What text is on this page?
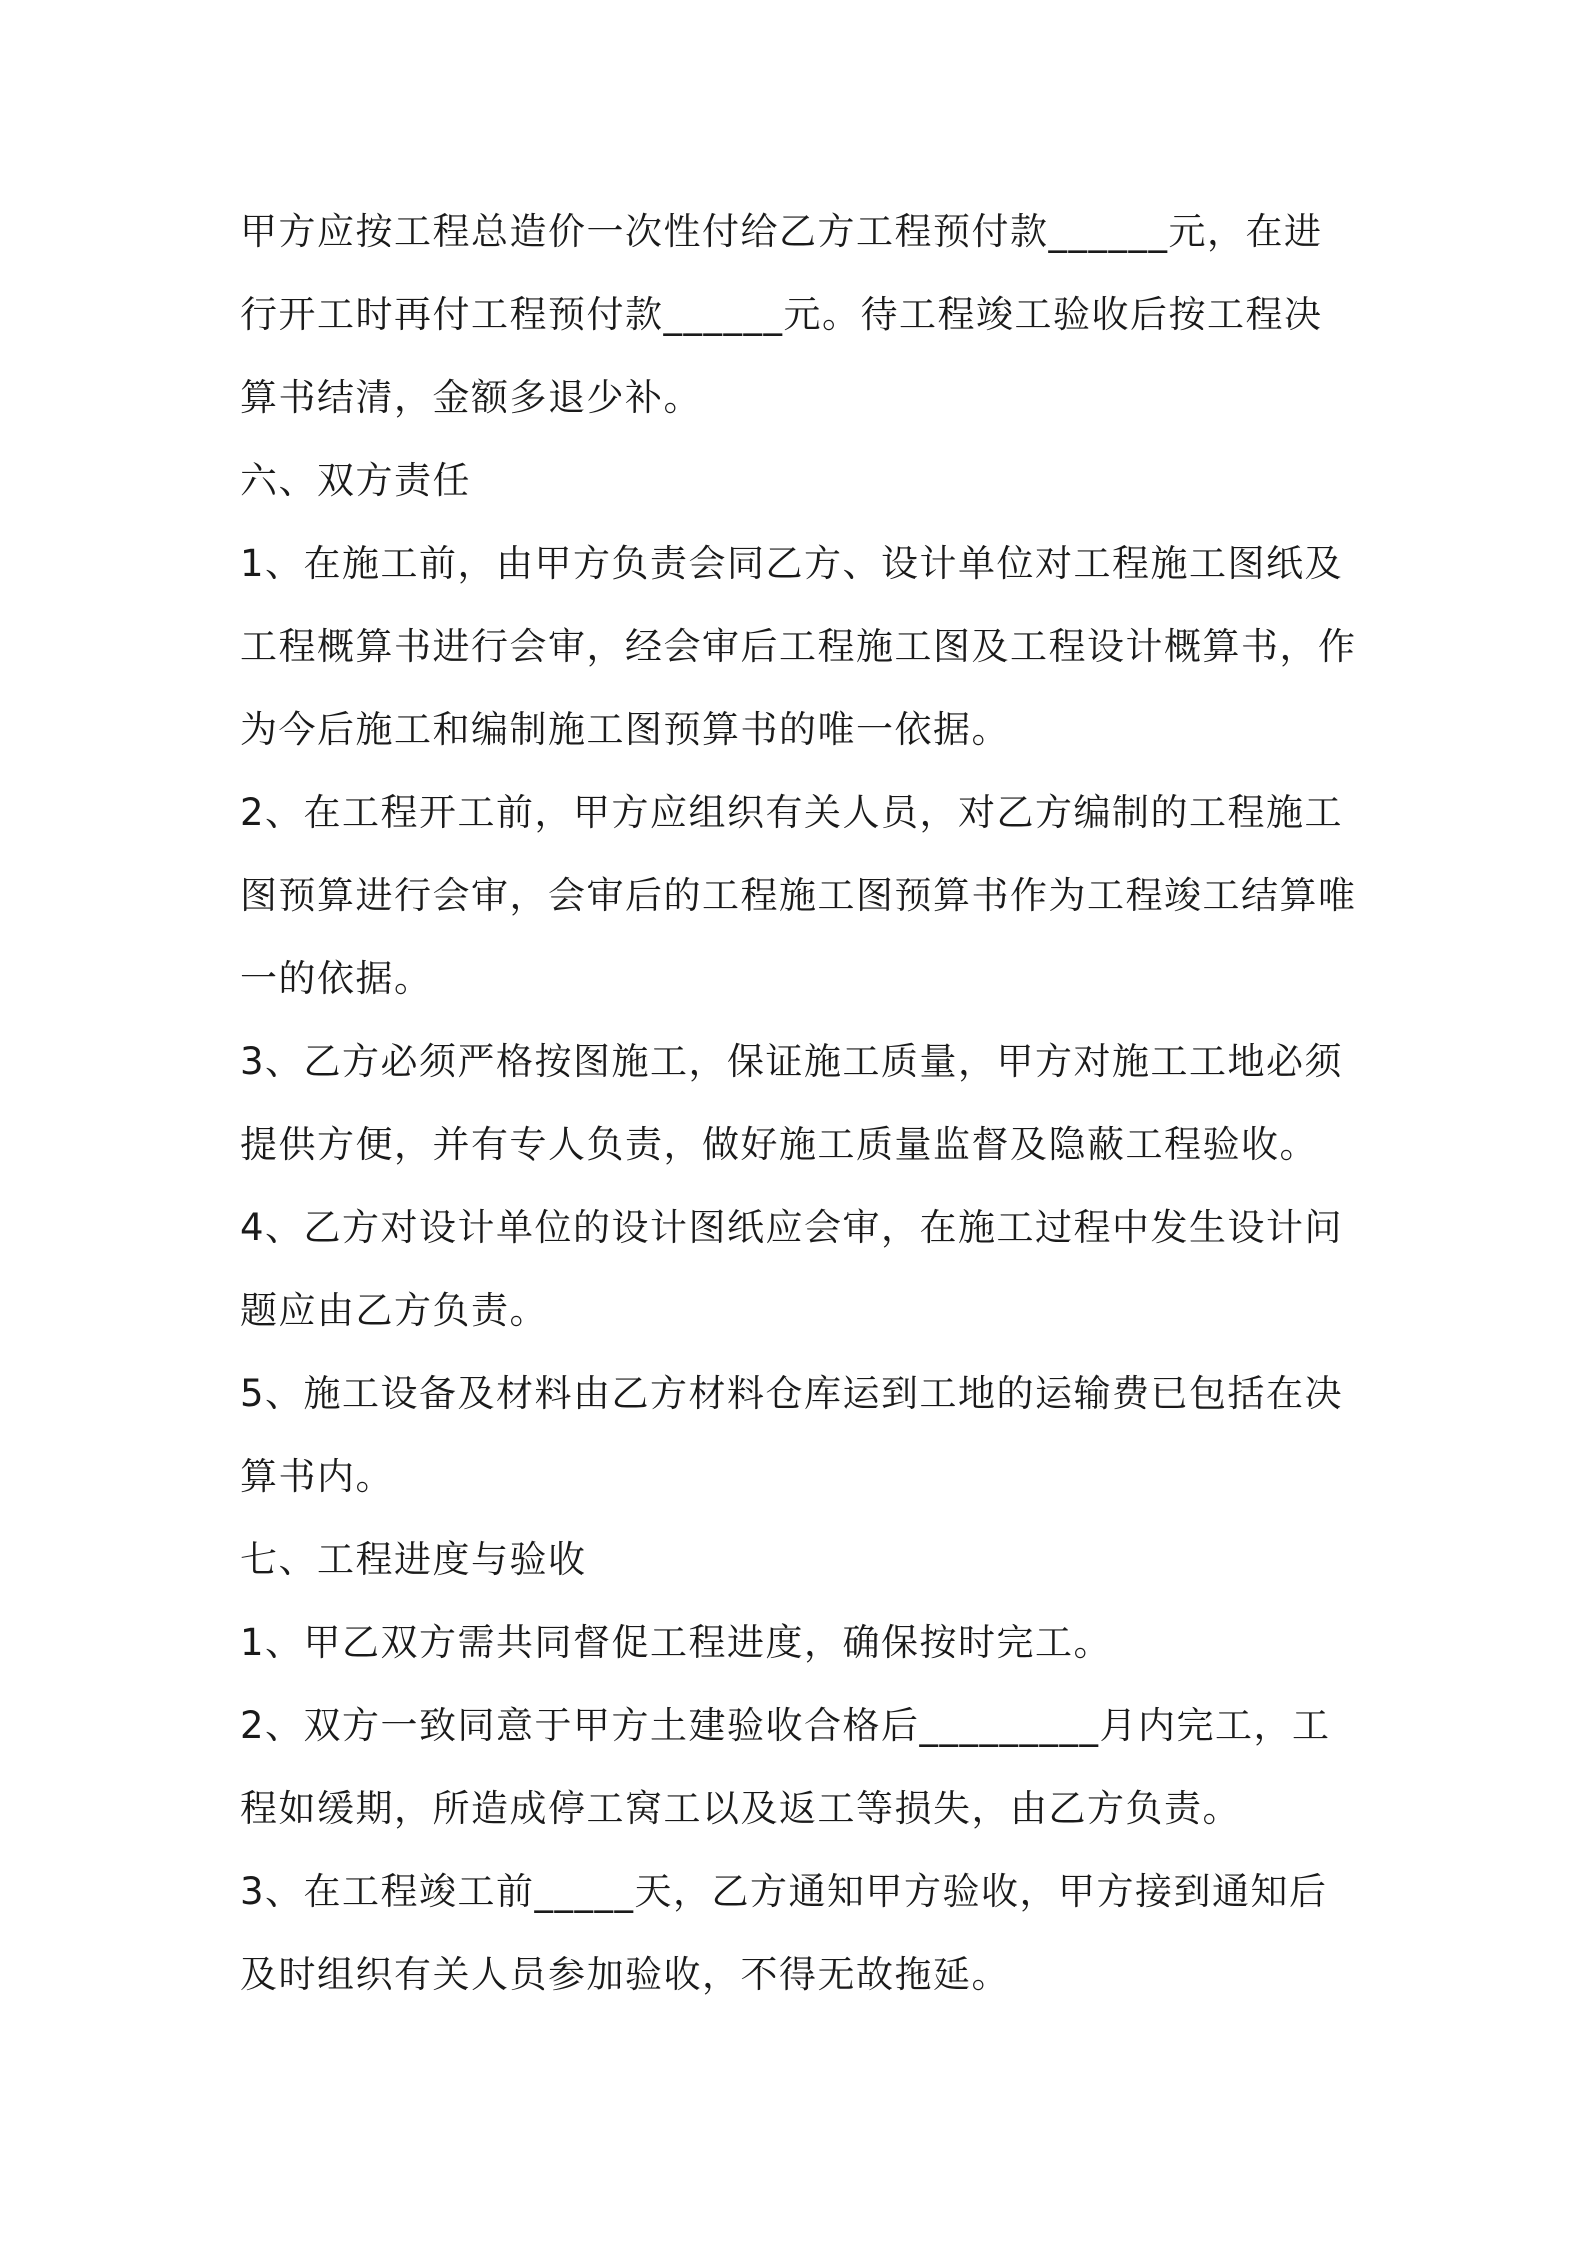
甲方应按工程总造价一次性付给乙方工程预付款______元，在进行开工时再付工程预付款______元。待工程竣工验收后按工程决算书结清，金额多退少补。

六、双方责任

1、在施工前，由甲方负责会同乙方、设计单位对工程施工图纸及工程概算书进行会审，经会审后工程施工图及工程设计概算书，作为今后施工和编制施工图预算书的唯一依据。

2、在工程开工前，甲方应组织有关人员，对乙方编制的工程施工图预算进行会审，会审后的工程施工图预算书作为工程竣工结算唯一的依据。

3、乙方必须严格按图施工，保证施工质量，甲方对施工工地必须提供方便，并有专人负责，做好施工质量监督及隐蔽工程验收。

4、乙方对设计单位的设计图纸应会审，在施工过程中发生设计问题应由乙方负责。

5、施工设备及材料由乙方材料仓库运到工地的运输费已包括在决算书内。

七、工程进度与验收

1、甲乙双方需共同督促工程进度，确保按时完工。

2、双方一致同意于甲方土建验收合格后_________月内完工，工程如缓期，所造成停工窝工以及返工等损失，由乙方负责。

3、在工程竣工前_____天，乙方通知甲方验收，甲方接到通知后及时组织有关人员参加验收，不得无故拖延。
